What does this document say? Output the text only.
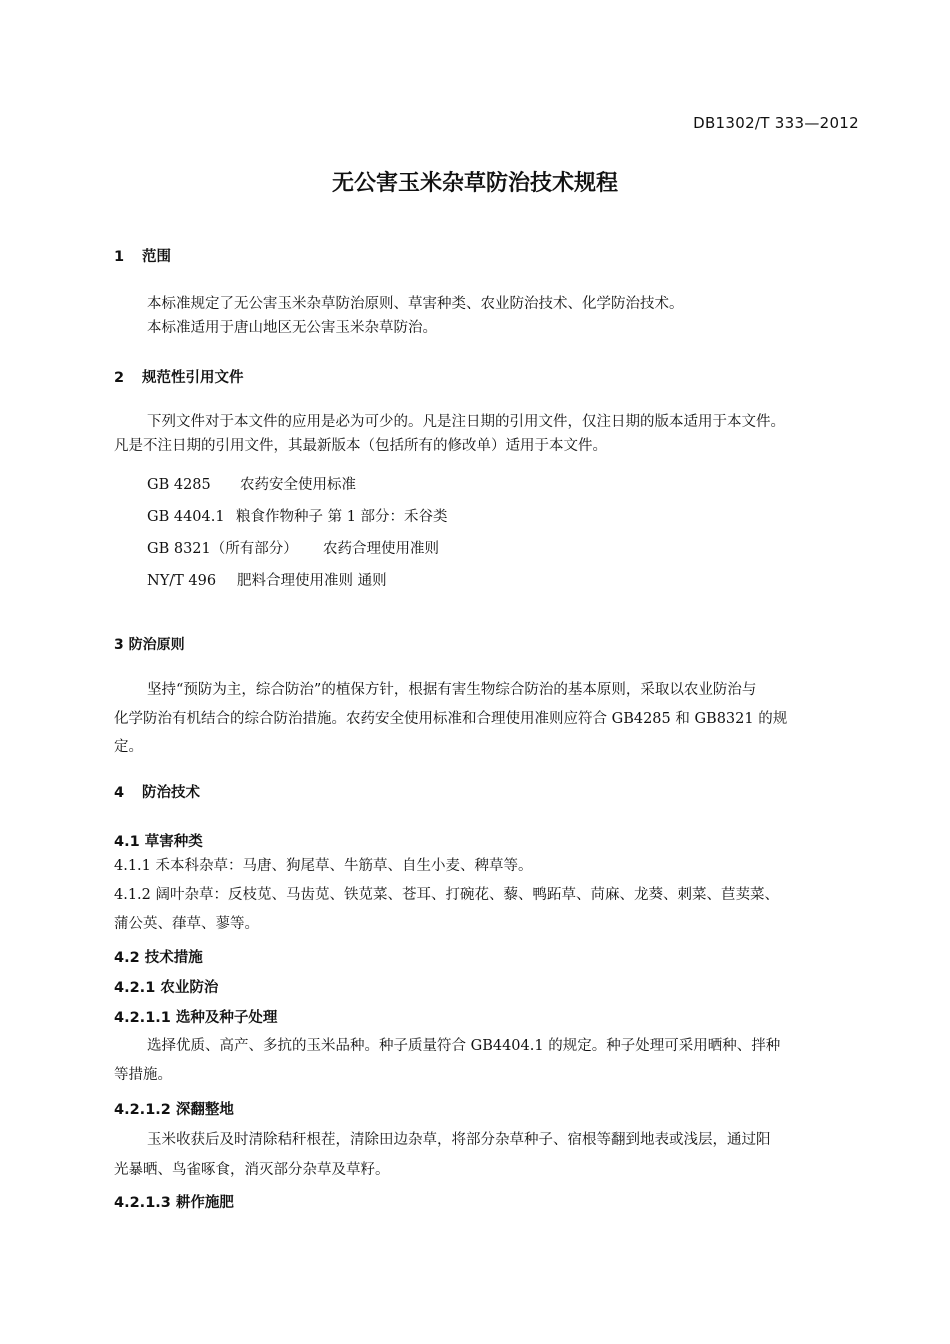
DB1302/T 333—2012
无公害玉米杂草防治技术规程
1 范围
本标准规定了无公害玉米杂草防治原则、草害种类、农业防治技术、化学防治技术。
本标准适用于唐山地区无公害玉米杂草防治。
2 规范性引用文件
下列文件对于本文件的应用是必为可少的。凡是注日期的引用文件，仅注日期的版本适用于本文件。
凡是不注日期的引用文件，其最新版本（包括所有的修改单）适用于本文件。
GB 4285 农药安全使用标准
GB 4404.1 粮食作物种子 第 1 部分：禾谷类
GB 8321（所有部分） 农药合理使用准则
NY/T 496 肥料合理使用准则 通则
3 防治原则
坚持“预防为主，综合防治”的植保方针，根据有害生物综合防治的基本原则，采取以农业防治与
化学防治有机结合的综合防治措施。农药安全使用标准和合理使用准则应符合 GB4285 和 GB8321 的规
定。
4 防治技术
4.1 草害种类
4.1.1 禾本科杂草：马唐、狗尾草、牛筋草、自生小麦、稗草等。
4.1.2 阔叶杂草：反枝苋、马齿苋、铁苋菜、苍耳、打碗花、藜、鸭跖草、苘麻、龙葵、刺菜、苣荬菜、
蒲公英、葎草、蓼等。
4.2 技术措施
4.2.1 农业防治
4.2.1.1 选种及种子处理
选择优质、高产、多抗的玉米品种。种子质量符合 GB4404.1 的规定。种子处理可采用晒种、拌种
等措施。
4.2.1.2 深翻整地
玉米收获后及时清除秸秆根茬，清除田边杂草，将部分杂草种子、宿根等翻到地表或浅层，通过阳
光暴晒、鸟雀啄食，消灭部分杂草及草籽。
4.2.1.3 耕作施肥
